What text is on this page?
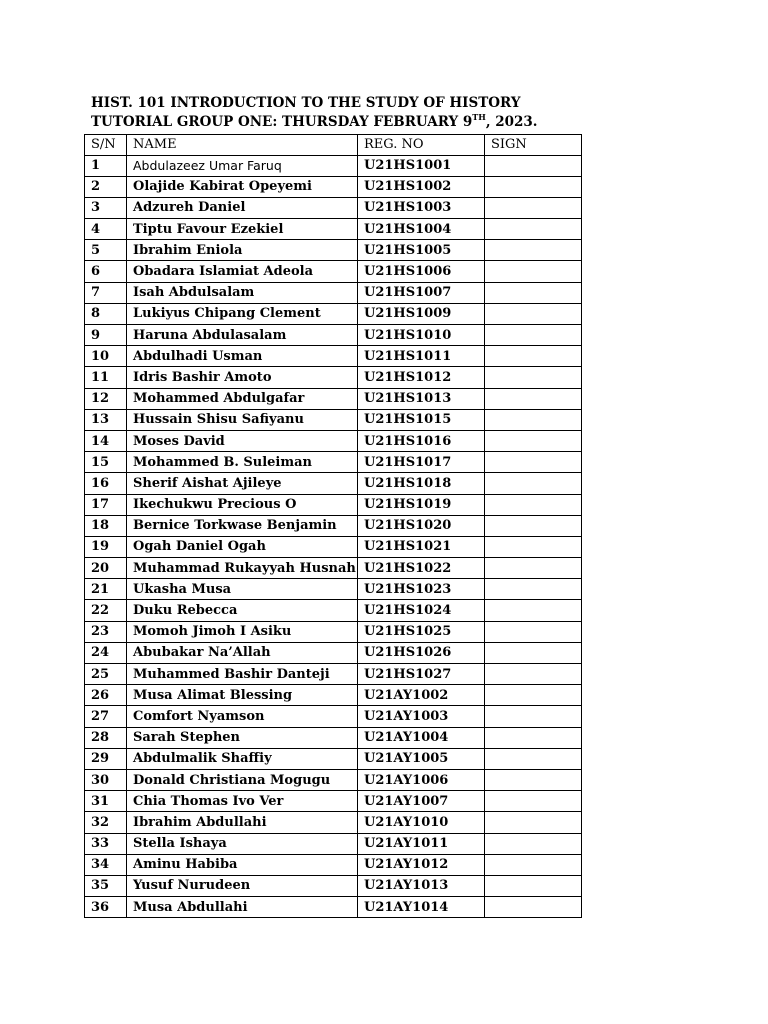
HIST. 101 INTRODUCTION TO THE STUDY OF HISTORY
TUTORIAL GROUP ONE: THURSDAY FEBRUARY 9TH, 2023.
S/N	NAME	REG. NO	SIGN
1	Abdulazeez Umar Faruq	U21HS1001	
2	Olajide Kabirat Opeyemi	U21HS1002	
3	Adzureh Daniel	U21HS1003	
4	Tiptu Favour Ezekiel	U21HS1004	
5	Ibrahim Eniola	U21HS1005	
6	Obadara Islamiat Adeola	U21HS1006	
7	Isah Abdulsalam	U21HS1007	
8	Lukiyus Chipang Clement	U21HS1009	
9	Haruna Abdulasalam	U21HS1010	
10	Abdulhadi Usman	U21HS1011	
11	Idris Bashir Amoto	U21HS1012	
12	Mohammed Abdulgafar	U21HS1013	
13	Hussain Shisu Safiyanu	U21HS1015	
14	Moses David	U21HS1016	
15	Mohammed B. Suleiman	U21HS1017	
16	Sherif Aishat Ajileye	U21HS1018	
17	Ikechukwu Precious O	U21HS1019	
18	Bernice Torkwase Benjamin	U21HS1020	
19	Ogah Daniel Ogah	U21HS1021	
20	Muhammad Rukayyah Husnah	U21HS1022	
21	Ukasha Musa	U21HS1023	
22	Duku Rebecca	U21HS1024	
23	Momoh Jimoh I Asiku	U21HS1025	
24	Abubakar Na’Allah	U21HS1026	
25	Muhammed Bashir Danteji	U21HS1027	
26	Musa Alimat Blessing	U21AY1002	
27	Comfort Nyamson	U21AY1003	
28	Sarah Stephen	U21AY1004	
29	Abdulmalik Shaffiy	U21AY1005	
30	Donald Christiana Mogugu	U21AY1006	
31	Chia Thomas Ivo Ver	U21AY1007	
32	Ibrahim Abdullahi	U21AY1010	
33	Stella Ishaya	U21AY1011	
34	Aminu Habiba	U21AY1012	
35	Yusuf Nurudeen	U21AY1013	
36	Musa Abdullahi	U21AY1014	
